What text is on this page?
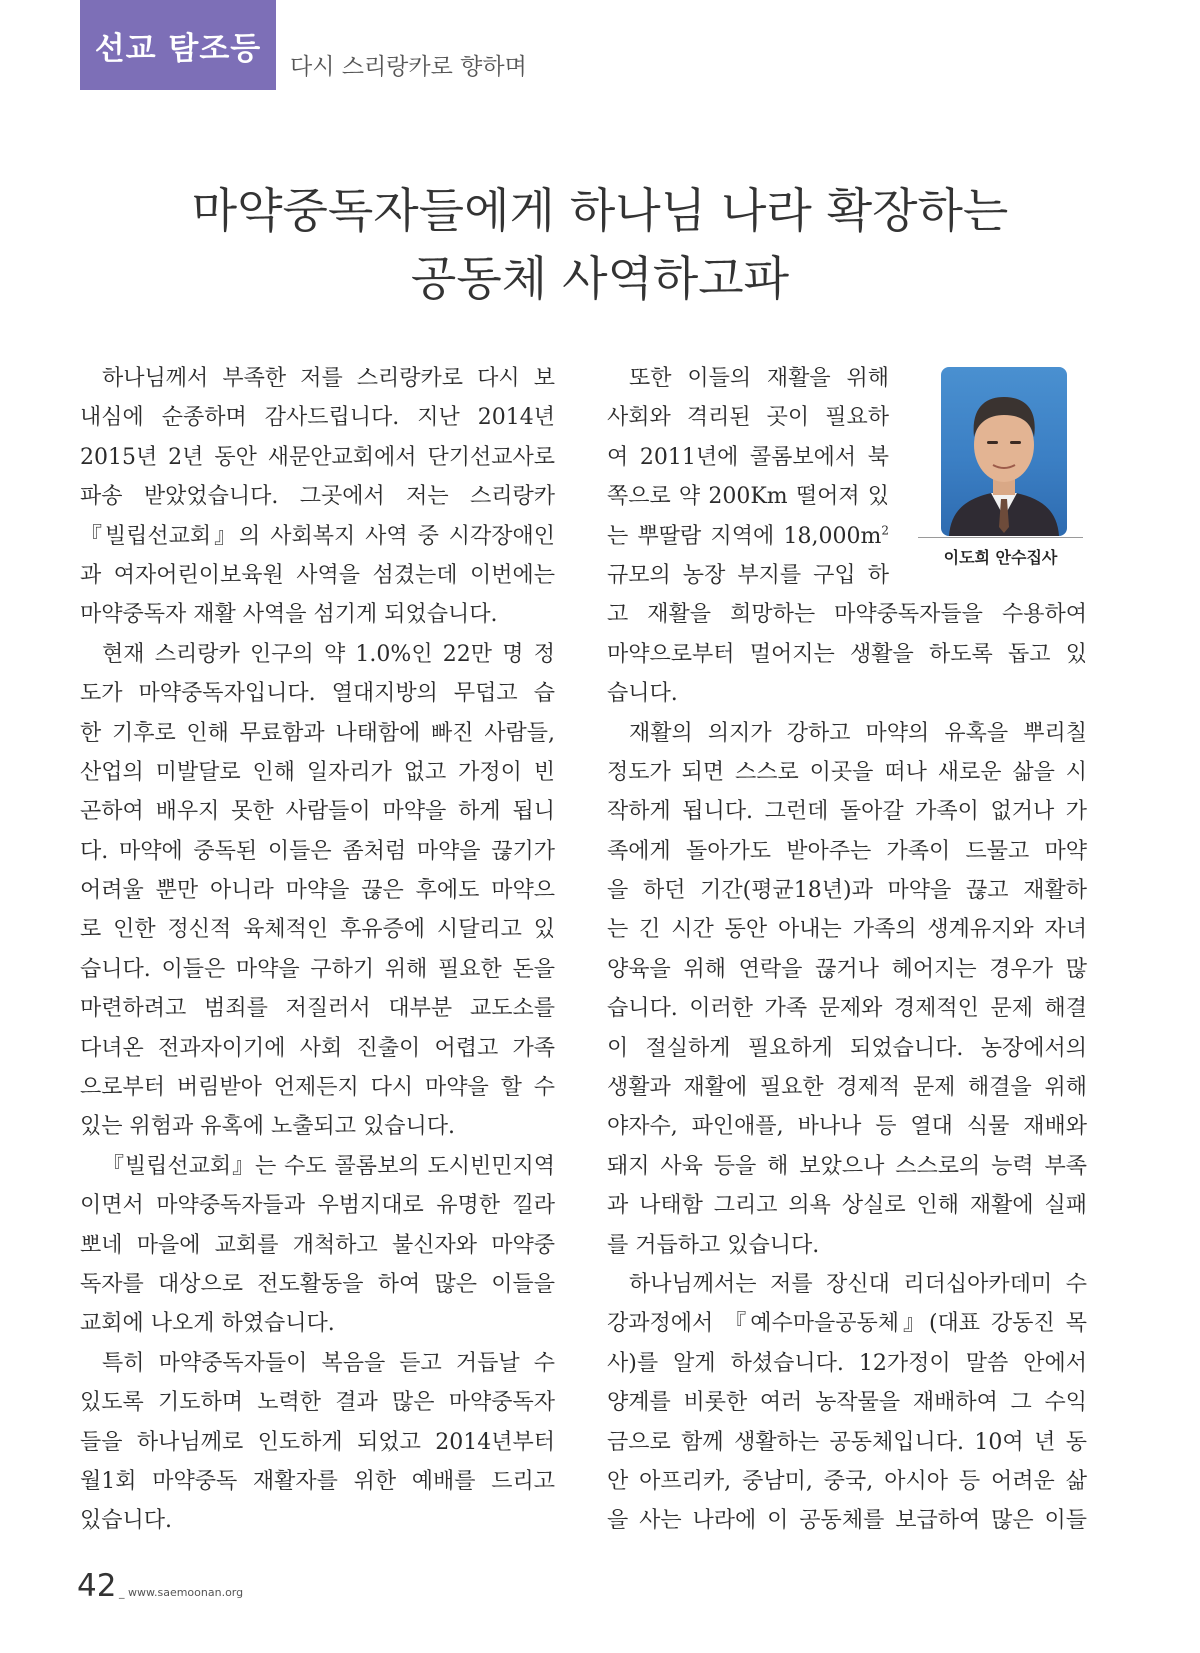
선교 탐조등
다시 스리랑카로 향하며
마약중독자들에게 하나님 나라 확장하는
공동체 사역하고파
하나님께서 부족한 저를 스리랑카로 다시 보
내심에 순종하며 감사드립니다. 지난 2014년
2015년 2년 동안 새문안교회에서 단기선교사로
파송 받았었습니다. 그곳에서 저는 스리랑카
『빌립선교회』의 사회복지 사역 중 시각장애인
과 여자어린이보육원 사역을 섬겼는데 이번에는
마약중독자 재활 사역을 섬기게 되었습니다.
현재 스리랑카 인구의 약 1.0%인 22만 명 정
도가 마약중독자입니다. 열대지방의 무덥고 습
한 기후로 인해 무료함과 나태함에 빠진 사람들,
산업의 미발달로 인해 일자리가 없고 가정이 빈
곤하여 배우지 못한 사람들이 마약을 하게 됩니
다. 마약에 중독된 이들은 좀처럼 마약을 끊기가
어려울 뿐만 아니라 마약을 끊은 후에도 마약으
로 인한 정신적 육체적인 후유증에 시달리고 있
습니다. 이들은 마약을 구하기 위해 필요한 돈을
마련하려고 범죄를 저질러서 대부분 교도소를
다녀온 전과자이기에 사회 진출이 어렵고 가족
으로부터 버림받아 언제든지 다시 마약을 할 수
있는 위험과 유혹에 노출되고 있습니다.
『빌립선교회』는 수도 콜롬보의 도시빈민지역
이면서 마약중독자들과 우범지대로 유명한 낄라
뽀네 마을에 교회를 개척하고 불신자와 마약중
독자를 대상으로 전도활동을 하여 많은 이들을
교회에 나오게 하였습니다.
특히 마약중독자들이 복음을 듣고 거듭날 수
있도록 기도하며 노력한 결과 많은 마약중독자
들을 하나님께로 인도하게 되었고 2014년부터
월1회 마약중독 재활자를 위한 예배를 드리고
있습니다.
또한 이들의 재활을 위해
사회와 격리된 곳이 필요하
여 2011년에 콜롬보에서 북
쪽으로 약 200Km 떨어져 있
는 뿌딸람 지역에 $18,000m^2$
규모의 농장 부지를 구입 하
고 재활을 희망하는 마약중독자들을 수용하여
마약으로부터 멀어지는 생활을 하도록 돕고 있
습니다.
재활의 의지가 강하고 마약의 유혹을 뿌리칠
정도가 되면 스스로 이곳을 떠나 새로운 삶을 시
작하게 됩니다. 그런데 돌아갈 가족이 없거나 가
족에게 돌아가도 받아주는 가족이 드물고 마약
을 하던 기간(평균18년)과 마약을 끊고 재활하
는 긴 시간 동안 아내는 가족의 생계유지와 자녀
양육을 위해 연락을 끊거나 헤어지는 경우가 많
습니다. 이러한 가족 문제와 경제적인 문제 해결
이 절실하게 필요하게 되었습니다. 농장에서의
생활과 재활에 필요한 경제적 문제 해결을 위해
야자수, 파인애플, 바나나 등 열대 식물 재배와
돼지 사육 등을 해 보았으나 스스로의 능력 부족
과 나태함 그리고 의욕 상실로 인해 재활에 실패
를 거듭하고 있습니다.
하나님께서는 저를 장신대 리더십아카데미 수
강과정에서 『예수마을공동체』(대표 강동진 목
사)를 알게 하셨습니다. 12가정이 말씀 안에서
양계를 비롯한 여러 농작물을 재배하여 그 수익
금으로 함께 생활하는 공동체입니다. 10여 년 동
안 아프리카, 중남미, 중국, 아시아 등 어려운 삶
을 사는 나라에 이 공동체를 보급하여 많은 이들
이도희 안수집사
42 _ www.saemoonan.org
